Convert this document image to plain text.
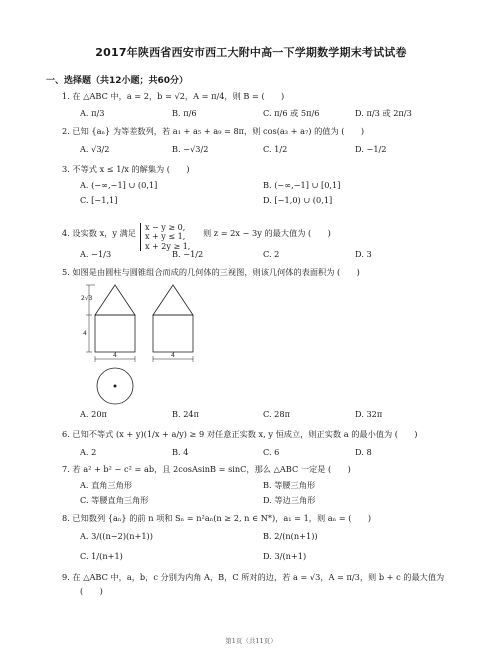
2017年陕西省西安市西工大附中高一下学期数学期末考试试卷
一、选择题（共12小题；共60分）
1. 在 △ABC 中，a = 2，b = √2，A = π/4，则 B = (　　)
A. π/3	B. π/6	C. π/6 或 5π/6	D. π/3 或 2π/3
2. 已知 {aₙ} 为等差数列，若 a₁ + a₅ + a₉ = 8π，则 cos(a₃ + a₇) 的值为 (　　)
A. √3/2	B. −√3/2	C. 1/2	D. −1/2
3. 不等式 x ≤ 1/x 的解集为 (　　)
A. (−∞,−1] ∪ (0,1]	B. (−∞,−1] ∪ [0,1]
C. [−1,1]	D. [−1,0) ∪ (0,1]
4. 设实数 x，y 满足
x − y ≥ 0,
x + y ≤ 1,
x + 2y ≥ 1,
则 z = 2x − 3y 的最大值为 (　　)
A. −1/3	B. −1/2	C. 2	D. 3
5. 如图是由圆柱与圆锥组合而成的几何体的三视图，则该几何体的表面积为 (　　)
2√3
4
4	4
A. 20π	B. 24π	C. 28π	D. 32π
6. 已知不等式 (x + y)(1/x + a/y) ≥ 9 对任意正实数 x, y 恒成立，则正实数 a 的最小值为 (　　)
A. 2	B. 4	C. 6	D. 8
7. 若 a² + b² − c² = ab，且 2cosAsinB = sinC，那么 △ABC 一定是 (　　)
A. 直角三角形	B. 等腰三角形
C. 等腰直角三角形	D. 等边三角形
8. 已知数列 {aₙ} 的前 n 项和 Sₙ = n²aₙ(n ≥ 2, n ∈ N*)，a₁ = 1，则 aₙ = (　　)
A. 3/((n−2)(n+1))	B. 2/(n(n+1))
C. 1/(n+1)	D. 3/(n+1)
9. 在 △ABC 中，a，b，c 分别为内角 A，B，C 所对的边，若 a = √3，A = π/3，则 b + c 的最大值为
(　　)
第1页（共11页）
